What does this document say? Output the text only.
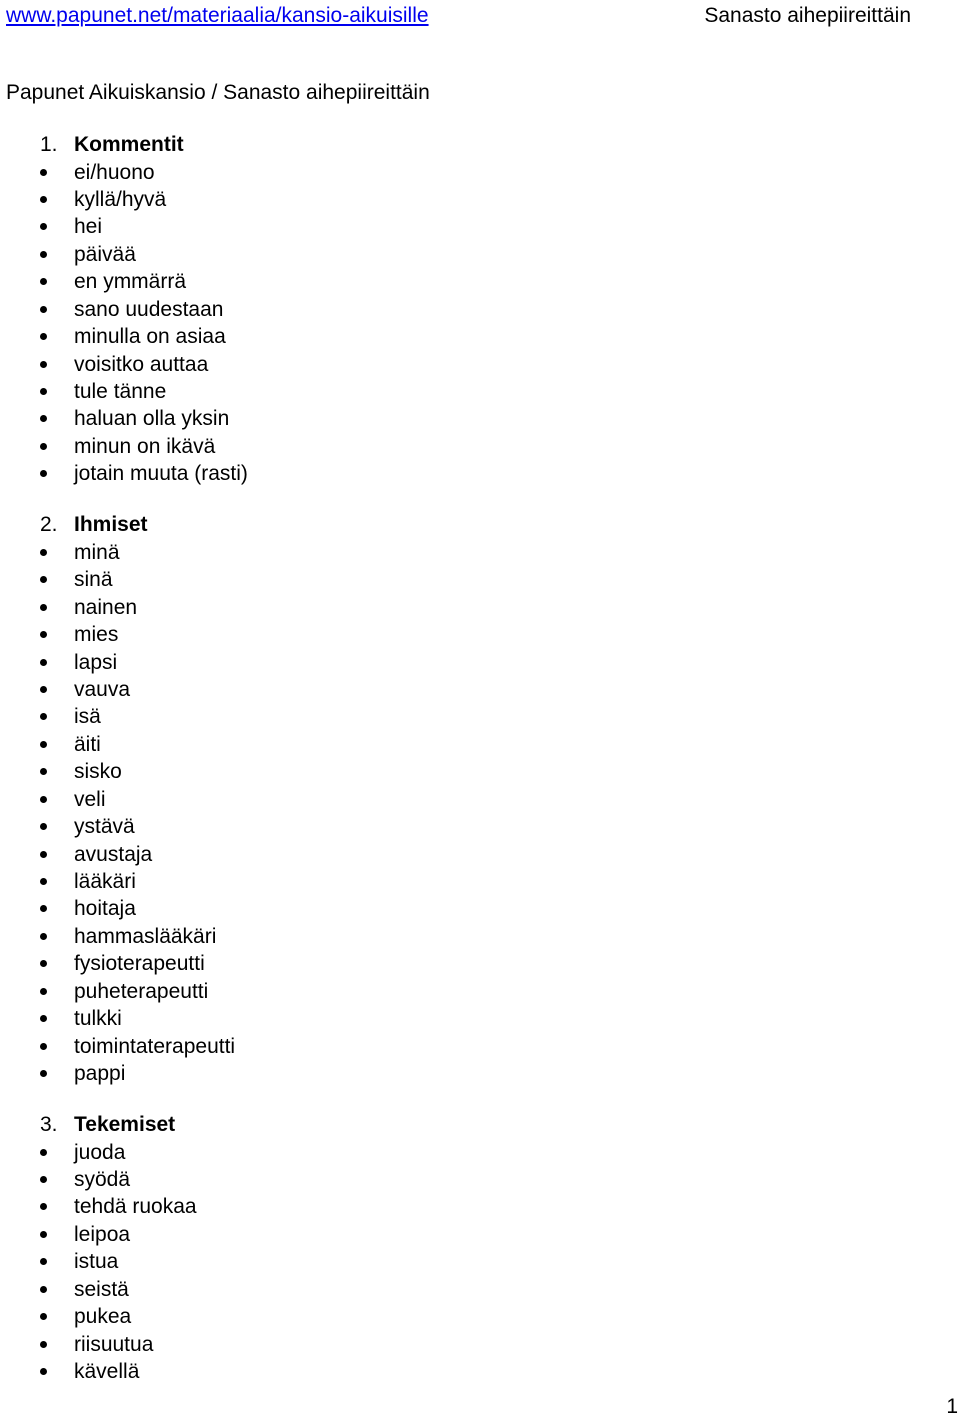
www.papunet.net/materiaalia/kansio-aikuisille	Sanasto aihepiireittäin
Papunet Aikuiskansio / Sanasto aihepiireittäin
1. Kommentit
ei/huono
kyllä/hyvä
hei
päivää
en ymmärrä
sano uudestaan
minulla on asiaa
voisitko auttaa
tule tänne
haluan olla yksin
minun on ikävä
jotain muuta (rasti)
2. Ihmiset
minä
sinä
nainen
mies
lapsi
vauva
isä
äiti
sisko
veli
ystävä
avustaja
lääkäri
hoitaja
hammaslääkäri
fysioterapeutti
puheterapeutti
tulkki
toimintaterapeutti
pappi
3. Tekemiset
juoda
syödä
tehdä ruokaa
leipoa
istua
seistä
pukea
riisuutua
kävellä
1
